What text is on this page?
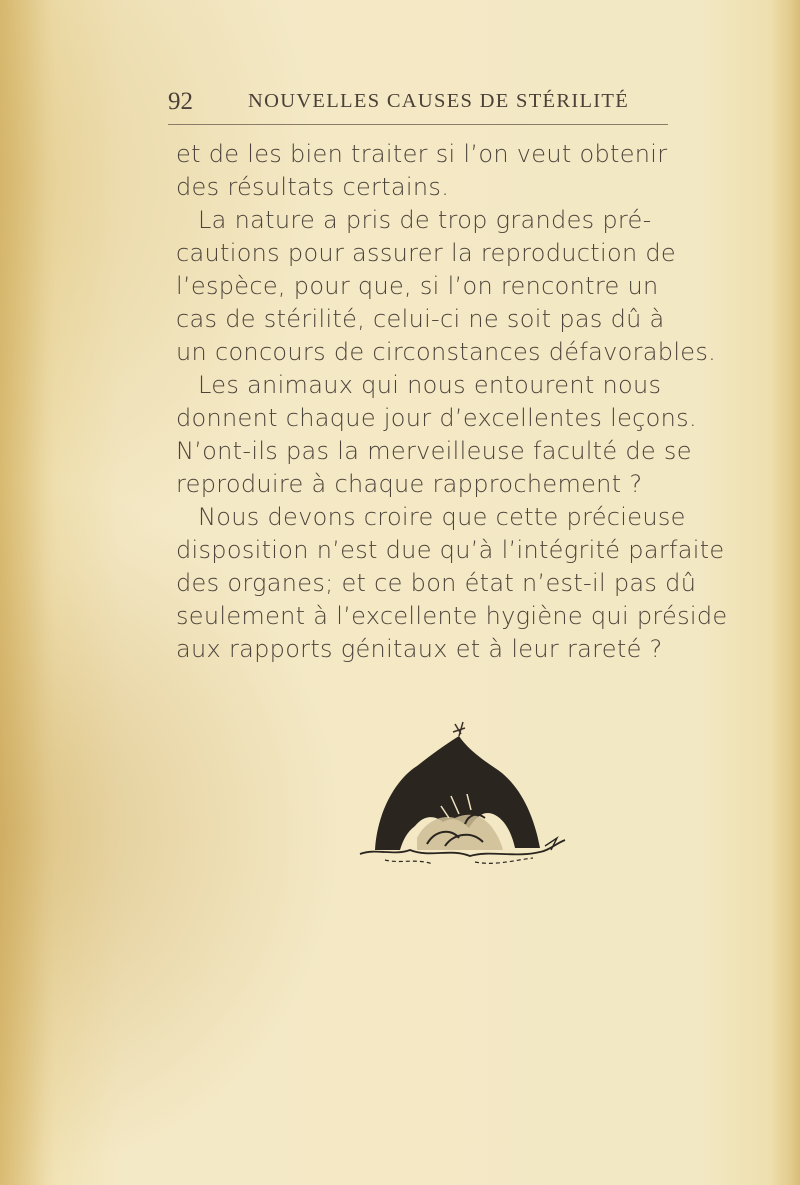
92	NOUVELLES CAUSES DE STÉRILITÉ
et de les bien traiter si l’on veut obtenir
des résultats certains.
La nature a pris de trop grandes pré-
cautions pour assurer la reproduction de
l’espèce, pour que, si l’on rencontre un
cas de stérilité, celui-ci ne soit pas dû à
un concours de circonstances défavorables.
Les animaux qui nous entourent nous
donnent chaque jour d’excellentes leçons.
N’ont-ils pas la merveilleuse faculté de se
reproduire à chaque rapprochement ?
Nous devons croire que cette précieuse
disposition n’est due qu’à l’intégrité parfaite
des organes; et ce bon état n’est-il pas dû
seulement à l’excellente hygiène qui préside
aux rapports génitaux et à leur rareté ?
